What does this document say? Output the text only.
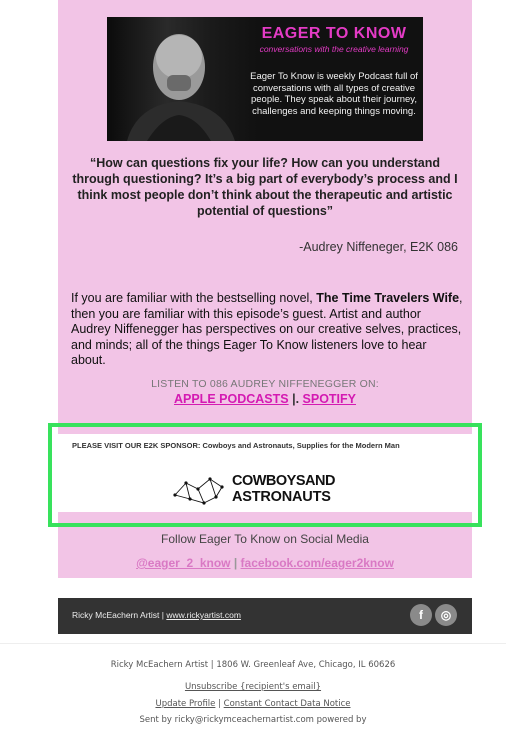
EAGER TO KNOW
conversations with the creative learning
Eager To Know is weekly Podcast full of conversations with all types of creative people. They speak about their journey, challenges and keeping things moving.
“How can questions fix your life? How can you understand through questioning? It’s a big part of everybody’s process and I think most people don’t think about the therapeutic and artistic potential of questions”
-Audrey Niffeneger, E2K 086
If you are familiar with the bestselling novel, The Time Travelers Wife, then you are familiar with this episode’s guest. Artist and author Audrey Niffenegger has perspectives on our creative selves, practices, and minds; all of the things Eager To Know listeners love to hear about.
LISTEN TO 086 AUDREY NIFFENEGGER ON:
APPLE PODCASTS |. SPOTIFY
PLEASE VISIT OUR E2K SPONSOR: Cowboys and Astronauts, Supplies for the Modern Man
COWBOYSAND
ASTRONAUTS
Follow Eager To Know on Social Media
@eager_2_know | facebook.com/eager2know
Ricky McEachern Artist | www.rickyartist.com	f	◎
Ricky McEachern Artist | 1806 W. Greenleaf Ave, Chicago, IL 60626
Unsubscribe {recipient's email}
Update Profile | Constant Contact Data Notice
Sent by ricky@rickymceachernartist.com powered by
